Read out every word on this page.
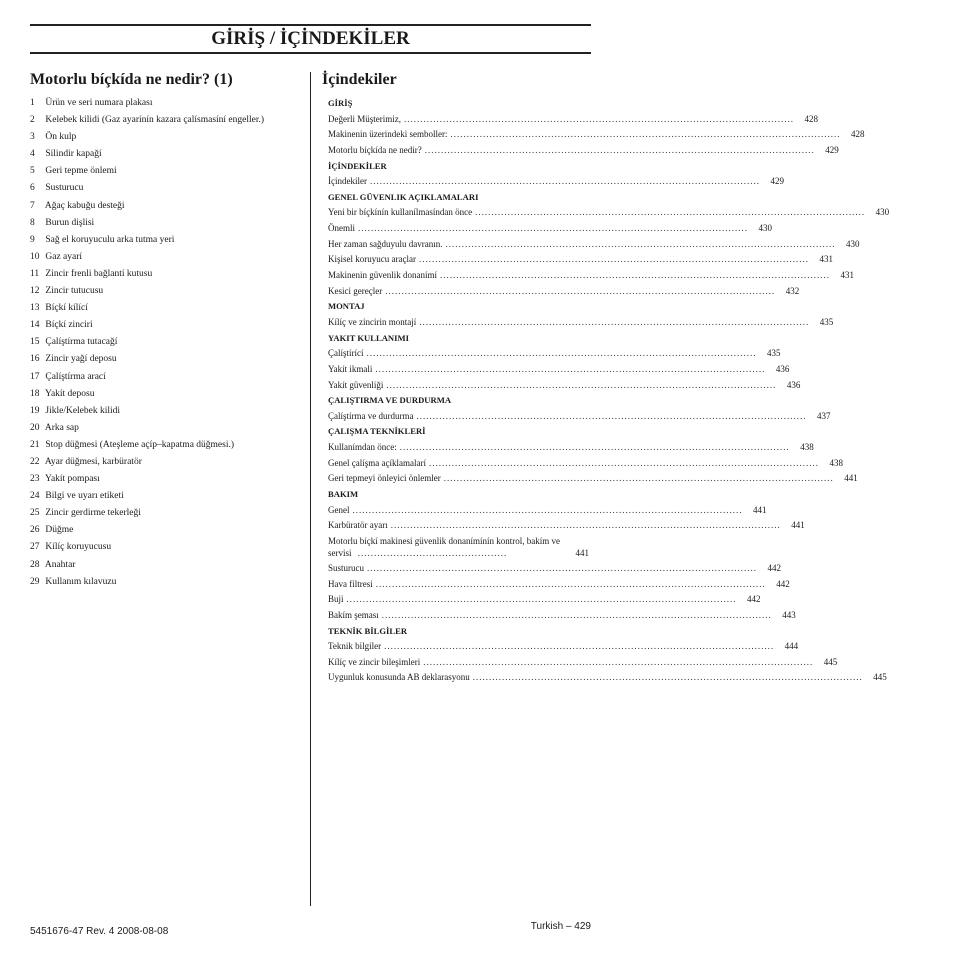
GİRİŞ / İÇİNDEKİLER
Motorlu bíçkída ne nedir? (1)
1 Ürün ve seri numara plakası
2 Kelebek kilidi (Gaz ayarínín kazara çalísmasíní engeller.)
3 Ön kulp
4 Silindir kapağí
5 Geri tepme önlemi
6 Susturucu
7 Ağaç kabuğu desteği
8 Burun dişlisi
9 Sağ el koruyuculu arka tutma yeri
10 Gaz ayarí
11 Zincir frenli bağlantí kutusu
12 Zincir tutucusu
13 Bíçkí kílící
14 Bíçkí zinciri
15 Çalíştírma tutacağí
16 Zincir yağí deposu
17 Çalíştírma arací
18 Yakít deposu
19 Jikle/Kelebek kilidi
20 Arka sap
21 Stop düğmesi (Ateşleme açíp–kapatma düğmesi.)
22 Ayar düğmesi, karbüratör
23 Yakít pompası
24 Bilgi ve uyarı etiketi
25 Zincir gerdirme tekerleği
26 Düğme
27 Kílíç koruyucusu
28 Anahtar
29 Kullanım kılavuzu
İçindekiler
GİRİŞ
Değerli Müşterimiz, ........................................................................................................................	428
Makinenin üzerindeki semboller: ........................................................................................................................	428
Motorlu bíçkída ne nedir? ........................................................................................................................	429
İÇİNDEKİLER
İçindekiler ........................................................................................................................	429
GENEL GÜVENLIK AÇIKLAMALARI
Yeni bir bíçkínín kullanílmasíndan önce ........................................................................................................................	430
Önemli ........................................................................................................................	430
Her zaman sağduyulu davranın. ........................................................................................................................	430
Kişisel koruyucu araçlar ........................................................................................................................	431
Makinenin güvenlik donanímí ........................................................................................................................	431
Kesici gereçler ........................................................................................................................	432
MONTAJ
Kílíç ve zincirin montají ........................................................................................................................	435
YAKIT KULLANIMI
Çalíştírící ........................................................................................................................	435
Yakít ikmali ........................................................................................................................	436
Yakít güvenliği ........................................................................................................................	436
ÇALIŞTIRMA VE DURDURMA
Çalíştírma ve durdurma ........................................................................................................................	437
ÇALIŞMA TEKNİKLERİ
Kullanímdan önce: ........................................................................................................................	438
Genel çalíşma açíklamalarí ........................................................................................................................	438
Geri tepmeyi önleyici önlemler ........................................................................................................................	441
BAKIM
Genel ........................................................................................................................	441
Karbüratör ayarı ........................................................................................................................	441
Motorlu bíçkí makinesi güvenlik donanímínín kontrol, bakím ve servisi ..............................................	441
Susturucu ........................................................................................................................	442
Hava filtresi ........................................................................................................................	442
Buji ........................................................................................................................	442
Bakím şeması ........................................................................................................................	443
TEKNİK BİLGİLER
Teknik bilgiler ........................................................................................................................	444
Kílíç ve zincir bileşimleri ........................................................................................................................	445
Uygunluk konusunda AB deklarasyonu ........................................................................................................................	445
5451676-47 Rev. 4 2008-08-08	Turkish – 429
